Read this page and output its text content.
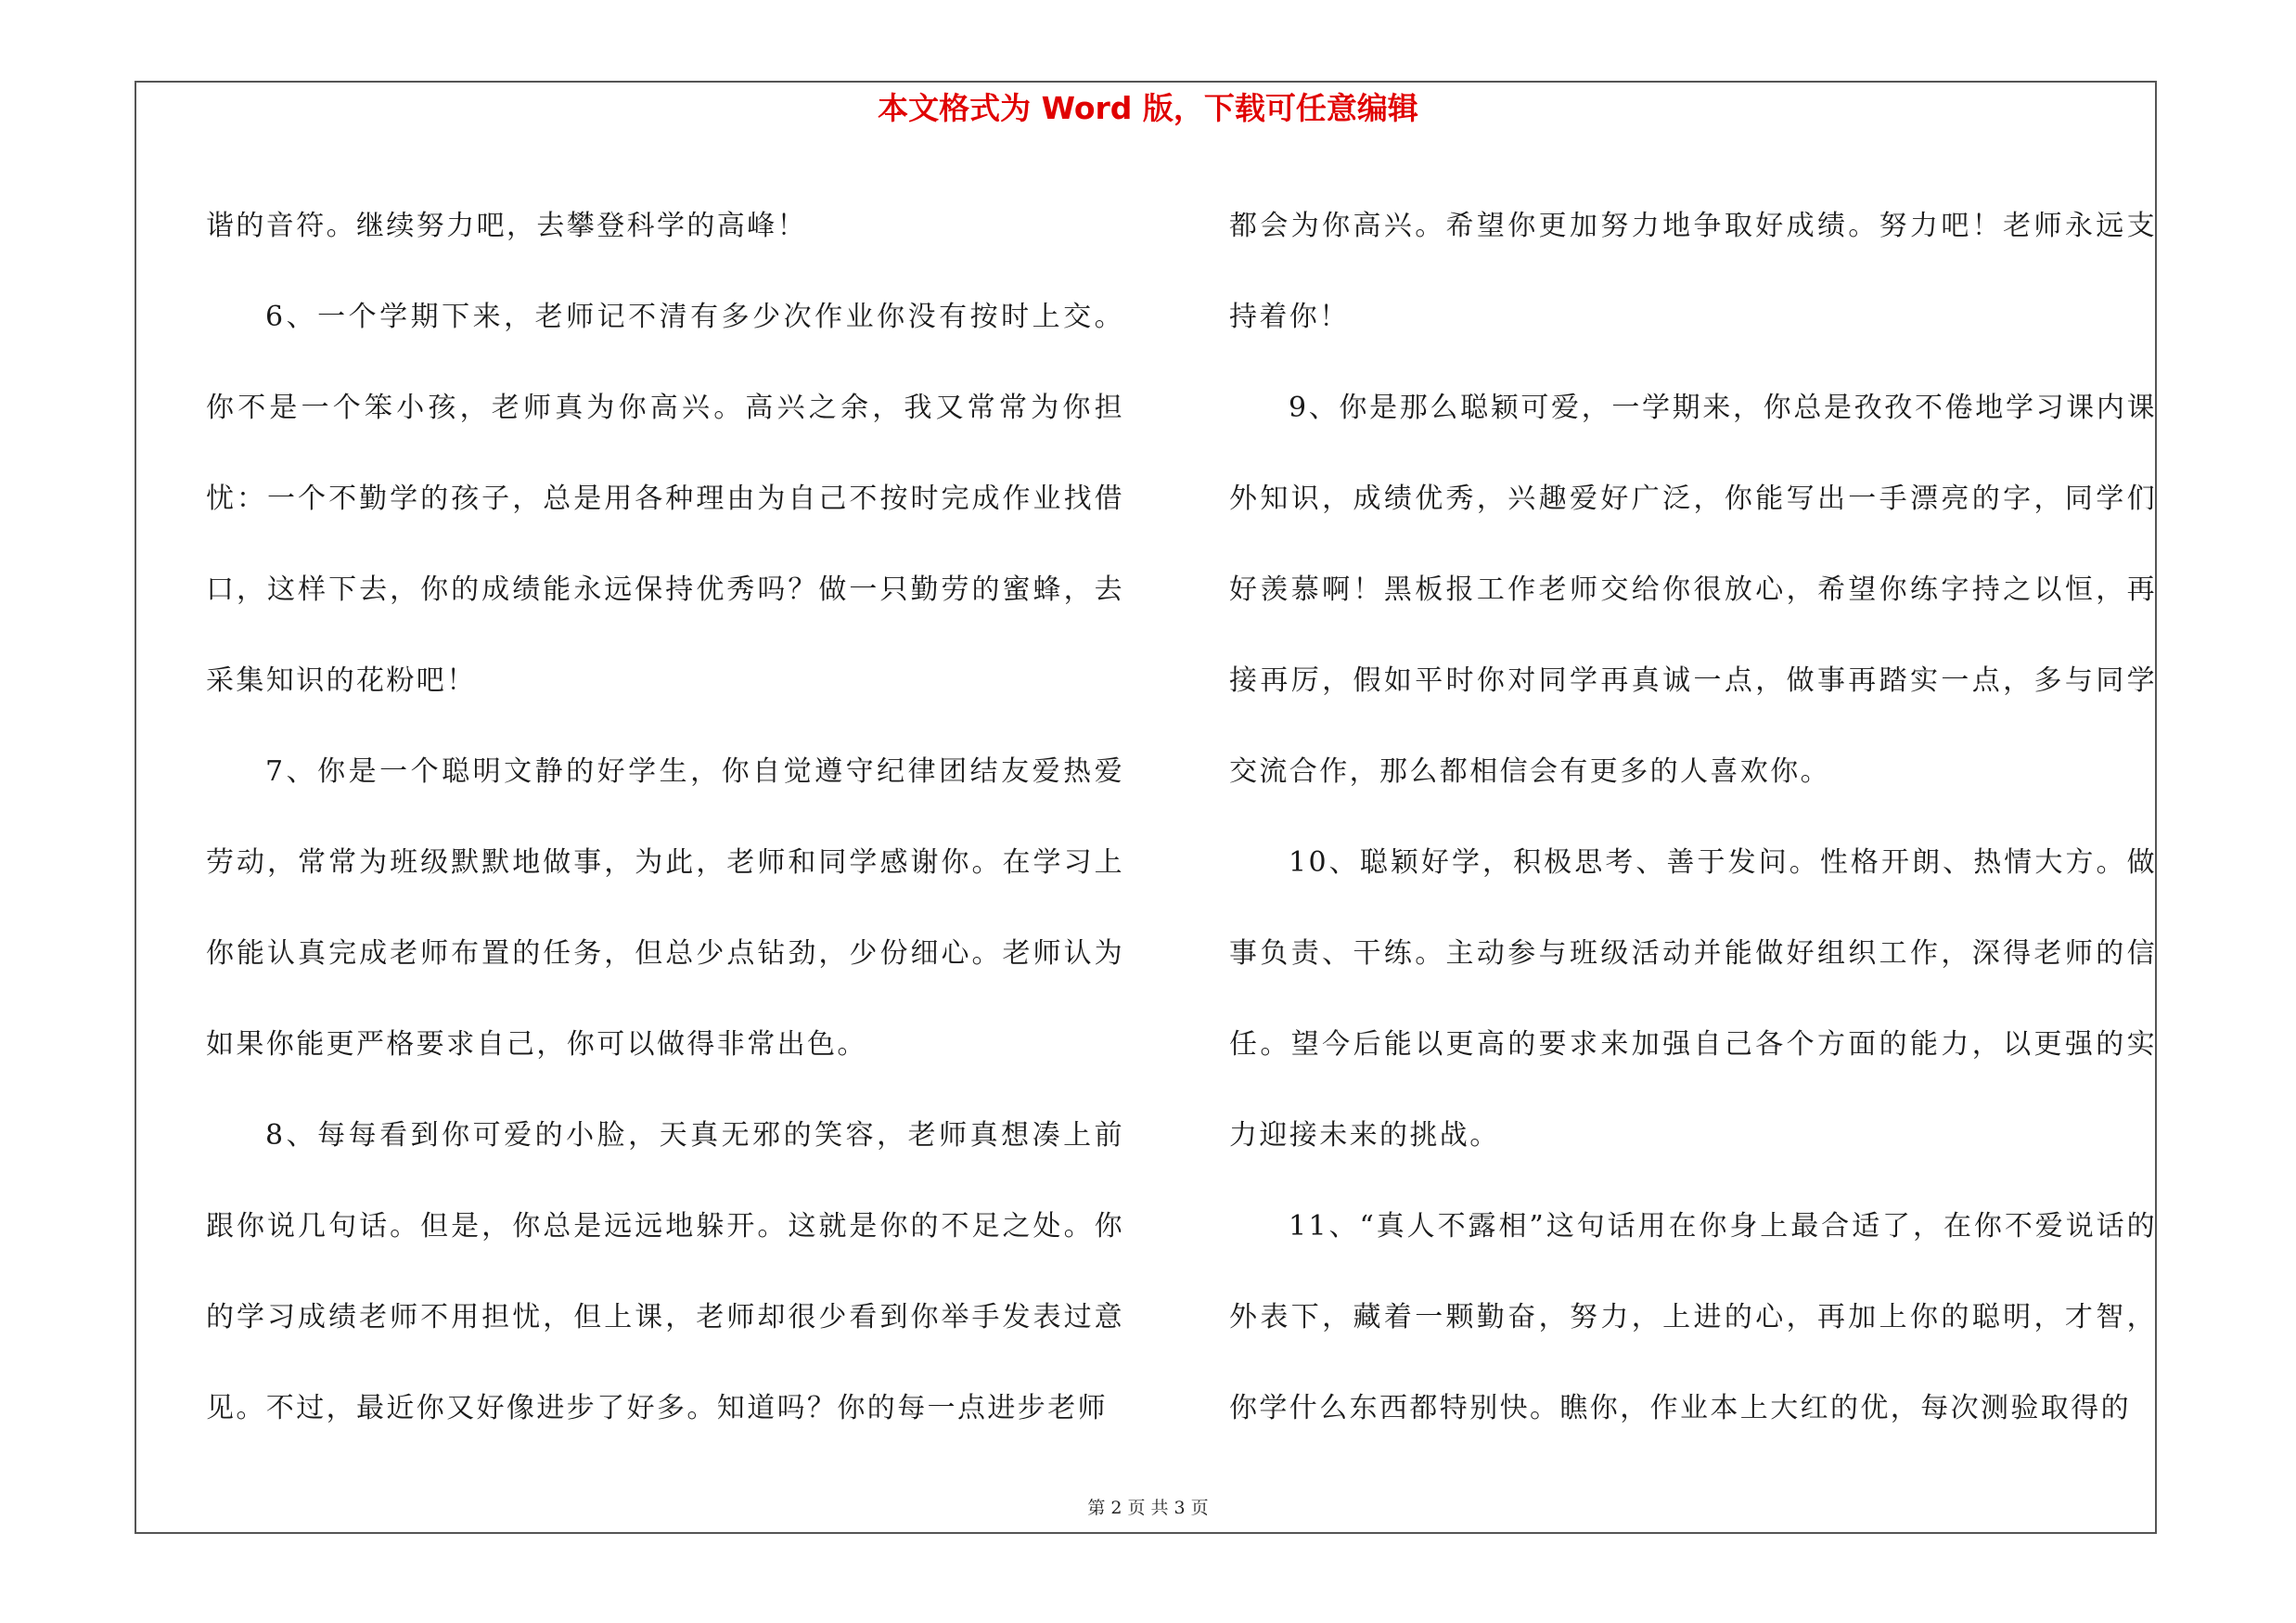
本文格式为 Word 版，下载可任意编辑

谐的音符。继续努力吧，去攀登科学的高峰！

6、一个学期下来，老师记不清有多少次作业你没有按时上交。你不是一个笨小孩，老师真为你高兴。高兴之余，我又常常为你担忧：一个不勤学的孩子，总是用各种理由为自己不按时完成作业找借口，这样下去，你的成绩能永远保持优秀吗？做一只勤劳的蜜蜂，去采集知识的花粉吧！

7、你是一个聪明文静的好学生，你自觉遵守纪律团结友爱热爱劳动，常常为班级默默地做事，为此，老师和同学感谢你。在学习上你能认真完成老师布置的任务，但总少点钻劲，少份细心。老师认为如果你能更严格要求自己，你可以做得非常出色。

8、每每看到你可爱的小脸，天真无邪的笑容，老师真想凑上前跟你说几句话。但是，你总是远远地躲开。这就是你的不足之处。你的学习成绩老师不用担忧，但上课，老师却很少看到你举手发表过意见。不过，最近你又好像进步了好多。知道吗？你的每一点进步老师

都会为你高兴。希望你更加努力地争取好成绩。努力吧！老师永远支持着你！

9、你是那么聪颖可爱，一学期来，你总是孜孜不倦地学习课内课外知识，成绩优秀，兴趣爱好广泛，你能写出一手漂亮的字，同学们好羡慕啊！黑板报工作老师交给你很放心，希望你练字持之以恒，再接再厉，假如平时你对同学再真诚一点，做事再踏实一点，多与同学交流合作，那么都相信会有更多的人喜欢你。

10、聪颖好学，积极思考、善于发问。性格开朗、热情大方。做事负责、干练。主动参与班级活动并能做好组织工作，深得老师的信任。望今后能以更高的要求来加强自己各个方面的能力，以更强的实力迎接未来的挑战。

11、“真人不露相”这句话用在你身上最合适了，在你不爱说话的外表下，藏着一颗勤奋，努力，上进的心，再加上你的聪明，才智，你学什么东西都特别快。瞧你，作业本上大红的优，每次测验取得的

第 2 页 共 3 页
